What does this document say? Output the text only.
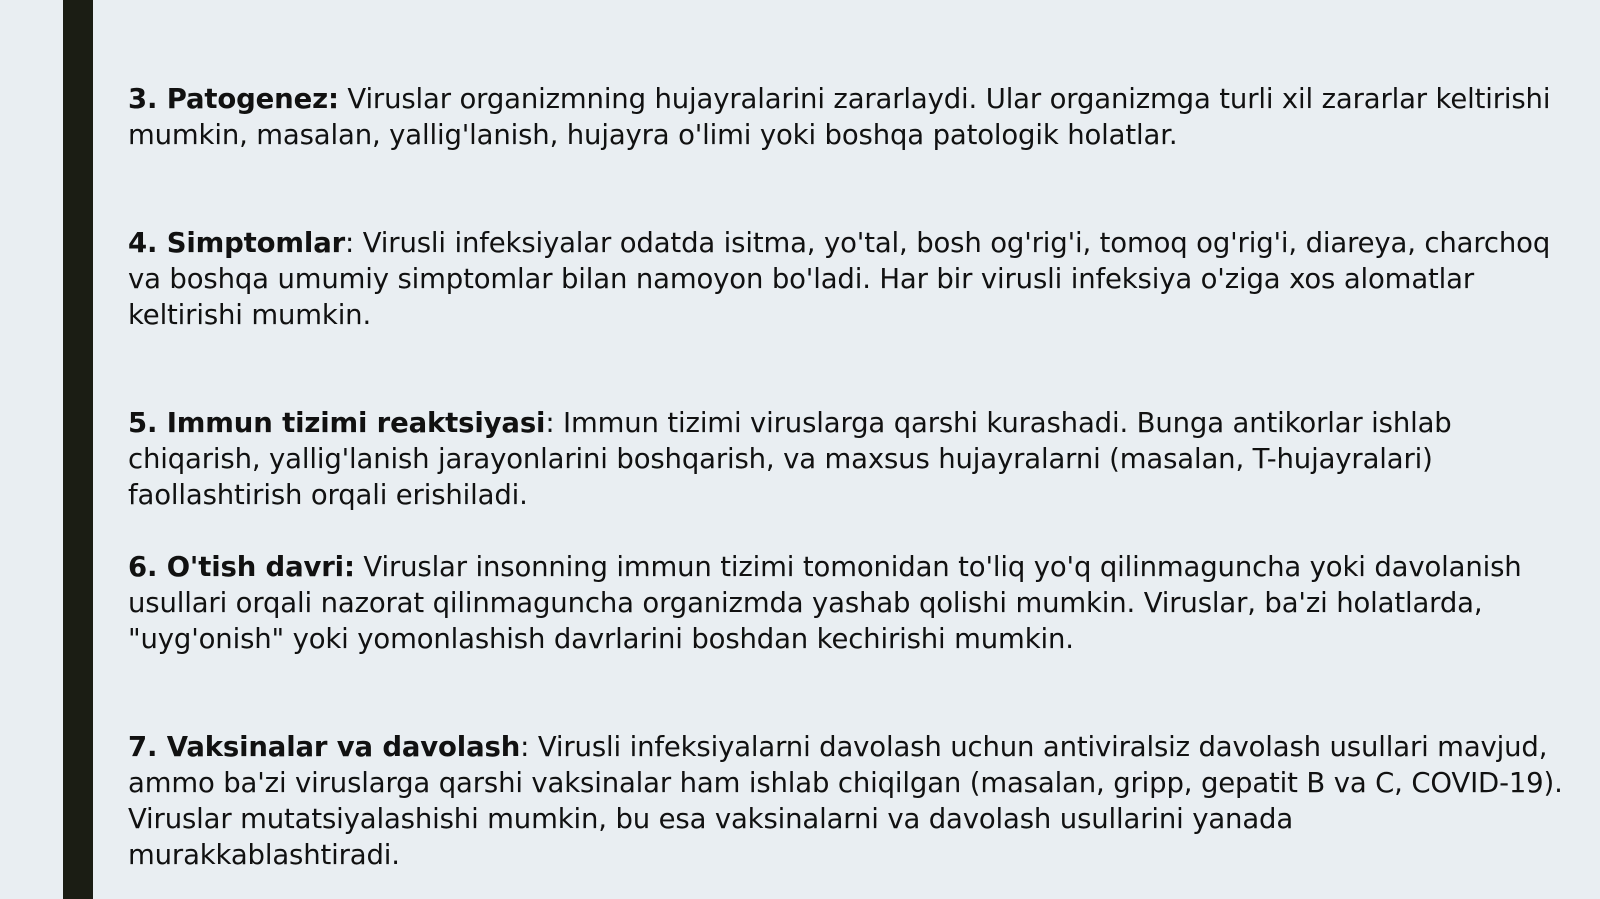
3. Patogenez: Viruslar organizmning hujayralarini zararlaydi. Ular organizmga turli xil zararlar keltirishi mumkin, masalan, yallig'lanish, hujayra o'limi yoki boshqa patologik holatlar.

4. Simptomlar: Virusli infeksiyalar odatda isitma, yo'tal, bosh og'rig'i, tomoq og'rig'i, diareya, charchoq va boshqa umumiy simptomlar bilan namoyon bo'ladi. Har bir virusli infeksiya o'ziga xos alomatlar keltirishi mumkin.

5. Immun tizimi reaktsiyasi: Immun tizimi viruslarga qarshi kurashadi. Bunga antikorlar ishlab chiqarish, yallig'lanish jarayonlarini boshqarish, va maxsus hujayralarni (masalan, T-hujayralari) faollashtirish orqali erishiladi.

6. O'tish davri: Viruslar insonning immun tizimi tomonidan to'liq yo'q qilinmaguncha yoki davolanish usullari orqali nazorat qilinmaguncha organizmda yashab qolishi mumkin. Viruslar, ba'zi holatlarda, "uyg'onish" yoki yomonlashish davrlarini boshdan kechirishi mumkin.

7. Vaksinalar va davolash: Virusli infeksiyalarni davolash uchun antiviralsiz davolash usullari mavjud, ammo ba'zi viruslarga qarshi vaksinalar ham ishlab chiqilgan (masalan, gripp, gepatit B va C, COVID-19). Viruslar mutatsiyalashishi mumkin, bu esa vaksinalarni va davolash usullarini yanada murakkablashtiradi.
